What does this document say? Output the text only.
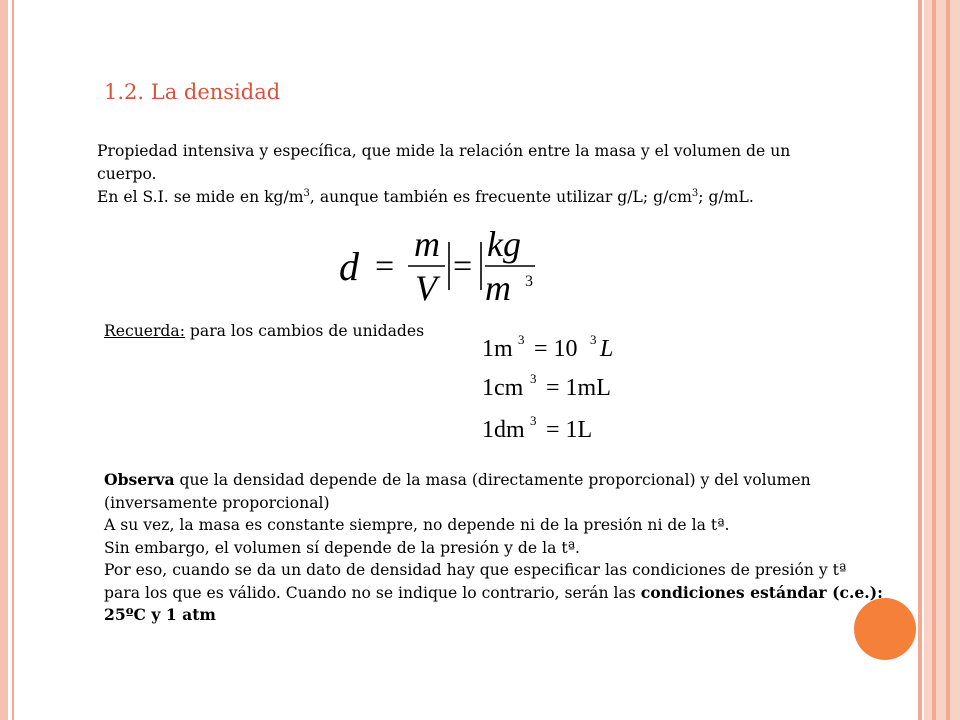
1.2. La densidad
Propiedad intensiva y específica, que mide la relación entre la masa y el volumen de un cuerpo.
En el S.I. se mide en $kg/m^3$, aunque también es frecuente utilizar g/L; $g/cm^3$; g/mL.
d =
m
V
=
kg
m 3
Recuerda: para los cambios de unidades
1m 3 = 10 3 L
1cm 3 = 1mL
1dm 3 = 1L

Observa que la densidad depende de la masa (directamente proporcional) y del volumen (inversamente proporcional)

A su vez, la masa es constante siempre, no depende ni de la presión ni de la tª.

Sin embargo, el volumen sí depende de la presión y de la tª.

Por eso, cuando se da un dato de densidad hay que especificar las condiciones de presión y tª para los que es válido. Cuando no se indique lo contrario, serán las condiciones estándar (c.e.): 25ºC y 1 atm
